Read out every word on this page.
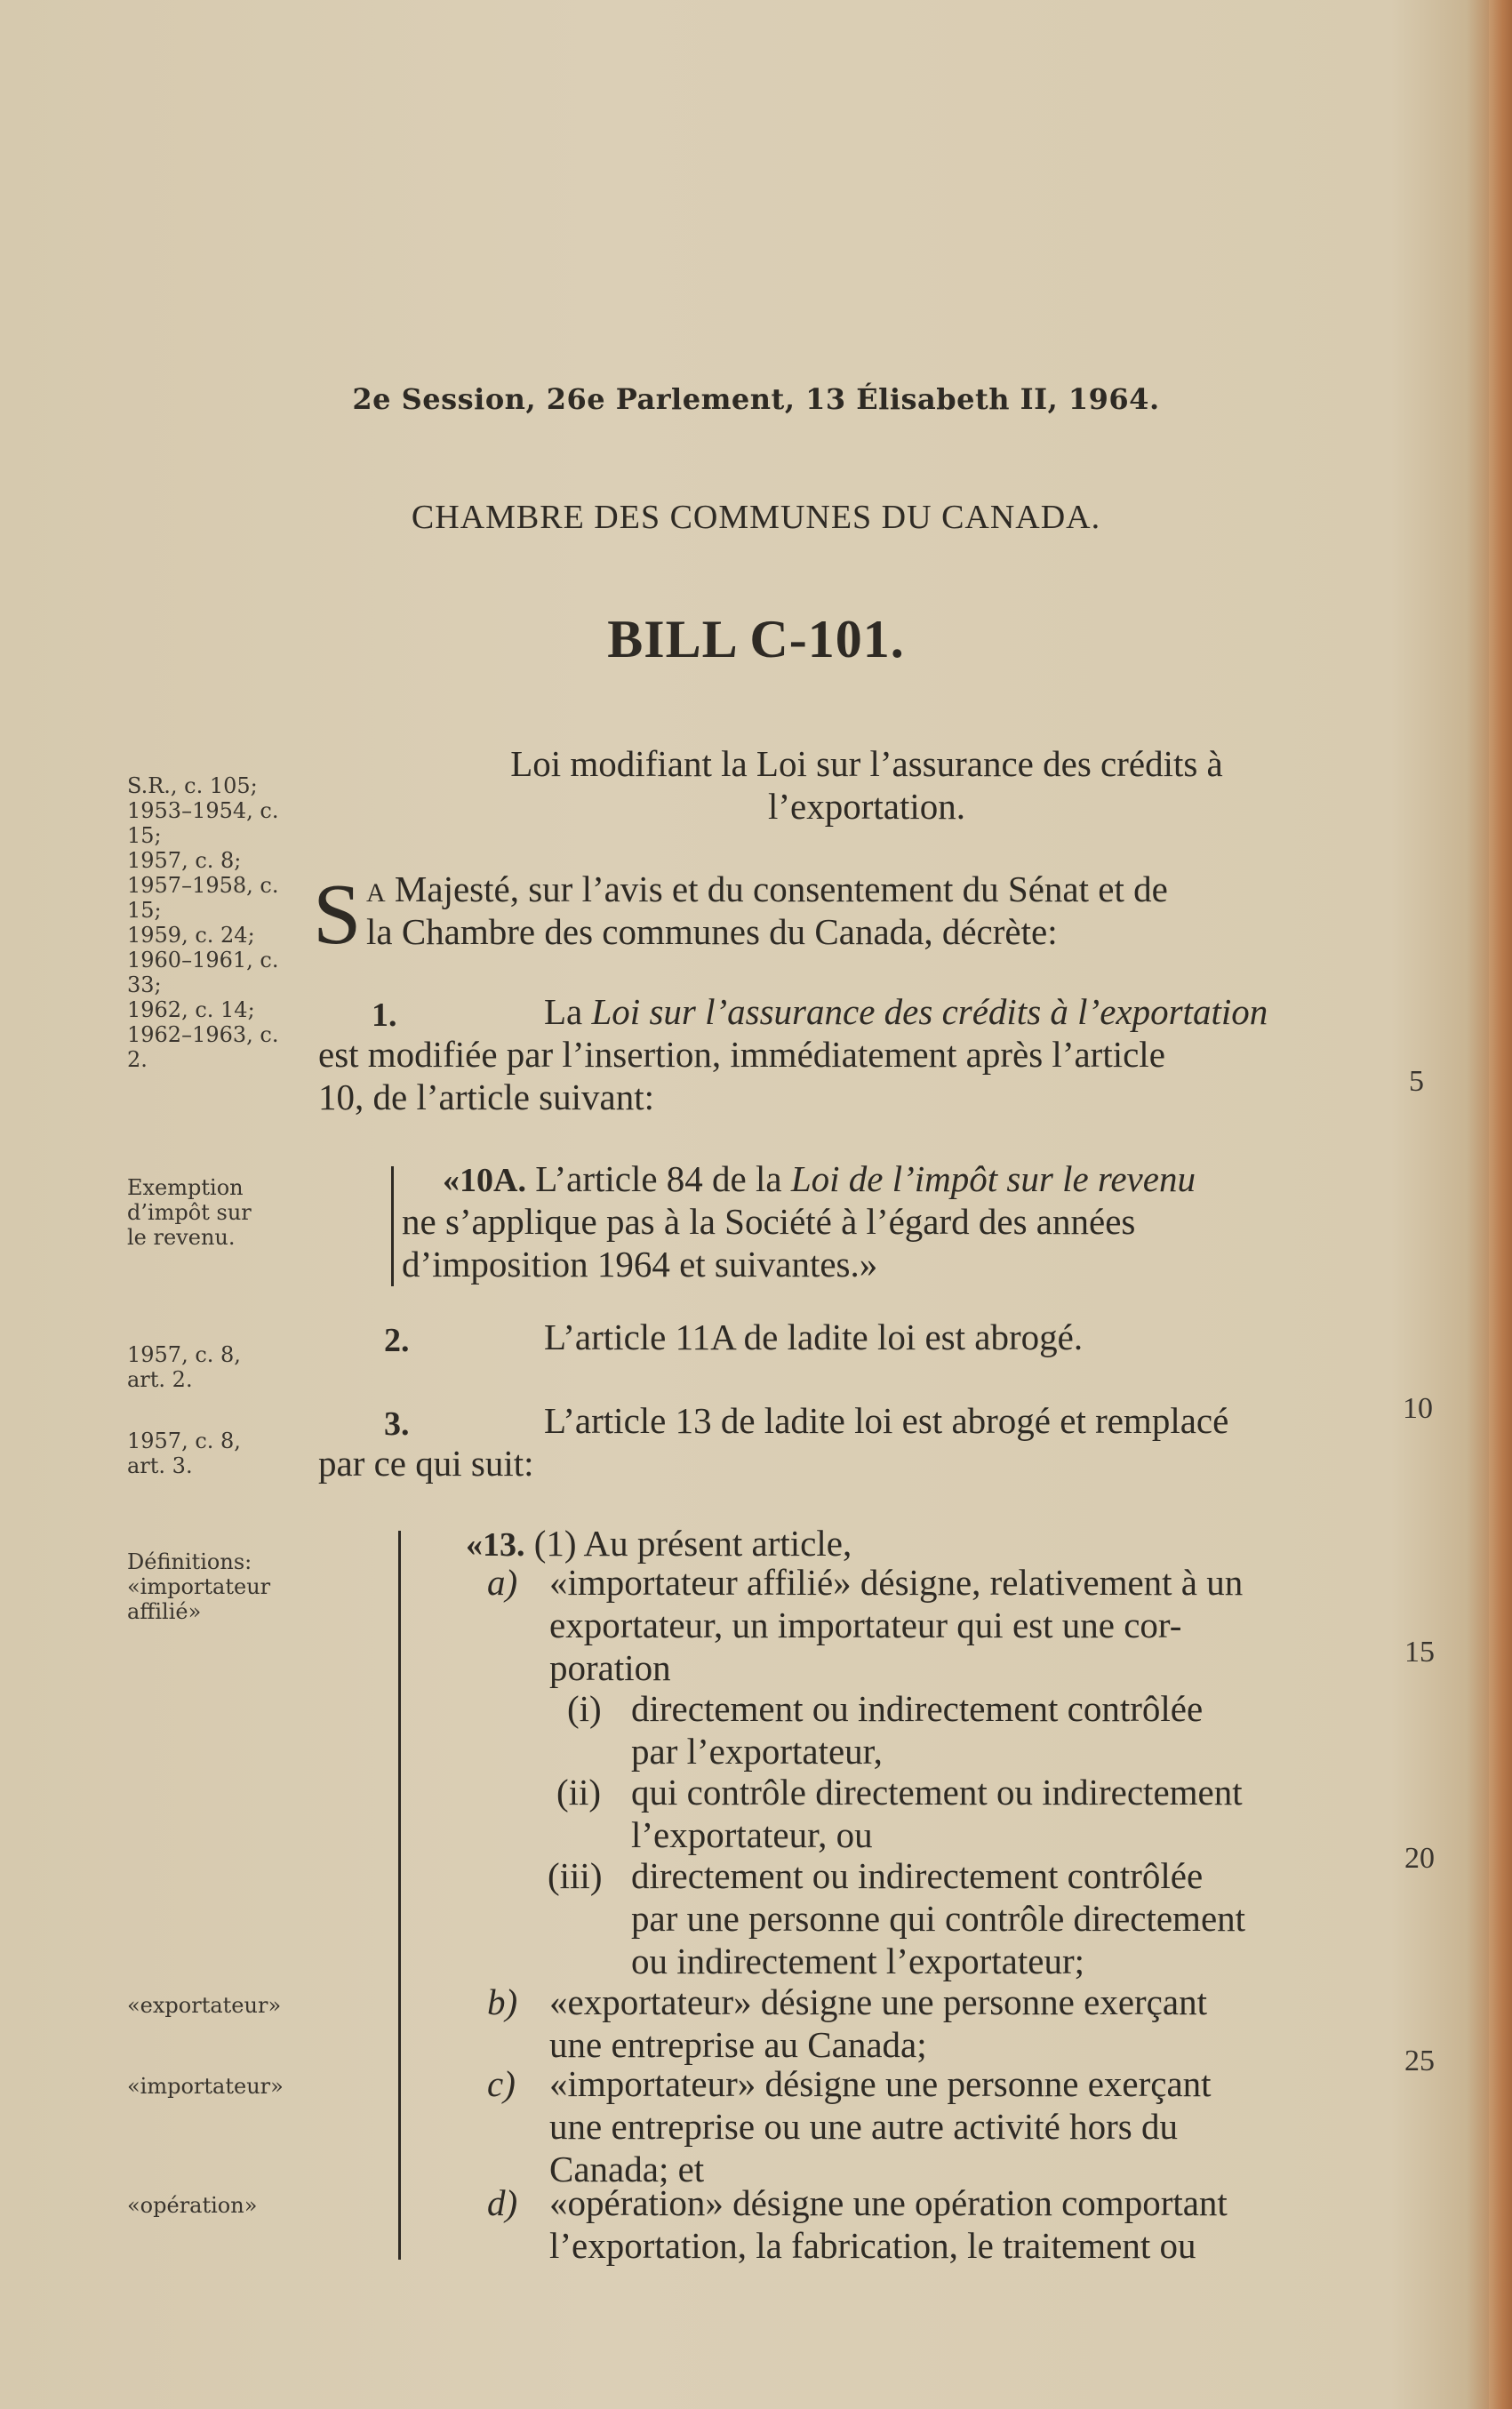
2e Session, 26e Parlement, 13 Élisabeth II, 1964.
CHAMBRE DES COMMUNES DU CANADA.
BILL C-101.
Loi modifiant la Loi sur l’assurance des crédits à
l’exportation.
S.R., c. 105;
1953–1954, c.
15;
1957, c. 8;
1957–1958, c.
15;
1959, c. 24;
1960–1961, c.
33;
1962, c. 14;
1962–1963, c.
2.
Exemption
d’impôt sur
le revenu.
1957, c. 8,
art. 2.
1957, c. 8,
art. 3.
Définitions:
«importateur
affilié»
«exportateur»
«importateur»
«opération»
S A Majesté, sur l’avis et du consentement du Sénat et de
la Chambre des communes du Canada, décrète:
1.	La Loi sur l’assurance des crédits à l’exportation
est modifiée par l’insertion, immédiatement après l’article
10, de l’article suivant:
«10A. L’article 84 de la Loi de l’impôt sur le revenu
ne s’applique pas à la Société à l’égard des années
d’imposition 1964 et suivantes.»
2.	L’article 11A de ladite loi est abrogé.
3.	L’article 13 de ladite loi est abrogé et remplacé
par ce qui suit:
«13. (1) Au présent article,
a) «importateur affilié» désigne, relativement à un
exportateur, un importateur qui est une cor-
poration
(i) directement ou indirectement contrôlée
par l’exportateur,
(ii) qui contrôle directement ou indirectement
l’exportateur, ou
(iii) directement ou indirectement contrôlée
par une personne qui contrôle directement
ou indirectement l’exportateur;
b) «exportateur» désigne une personne exerçant
une entreprise au Canada;
c) «importateur» désigne une personne exerçant
une entreprise ou une autre activité hors du
Canada; et
d) «opération» désigne une opération comportant
l’exportation, la fabrication, le traitement ou
5
10
15
20
25
